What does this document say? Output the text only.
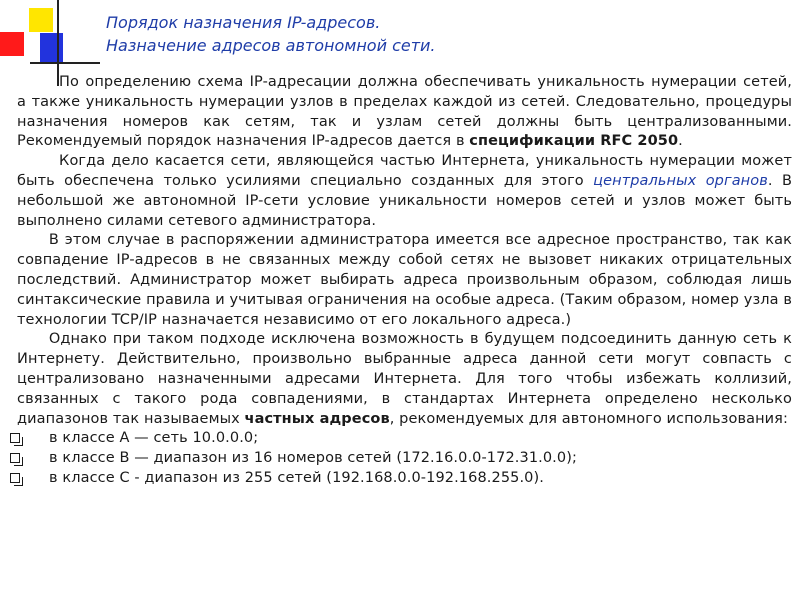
Порядок назначения IP-адресов.
Назначение адресов автономной сети.

По определению схема IP-адресации должна обеспечивать уникальность нумерации сетей, а также уникальность нумерации узлов в пределах каждой из сетей. Следовательно, процедуры назначения номеров как сетям, так и узлам сетей должны быть централизованными. Рекомендуемый порядок назначения IP-адресов дается в спецификации RFC 2050.

Когда дело касается сети, являющейся частью Интернета, уникальность нумерации может быть обеспечена только усилиями специально созданных для этого центральных органов. В небольшой же автономной IP-сети условие уникальности номеров сетей и узлов может быть выполнено силами сетевого администратора.

В этом случае в распоряжении администратора имеется все адресное пространство, так как совпадение IP-адресов в не связанных между собой сетях не вызовет никаких отрицательных последствий. Администратор может выбирать адреса произвольным образом, соблюдая лишь синтаксические правила и учитывая ограничения на особые адреса. (Таким образом, номер узла в технологии TCP/IP назначается независимо от его локального адреса.)

Однако при таком подходе исключена возможность в будущем подсоединить данную сеть к Интернету. Действительно, произвольно выбранные адреса данной сети могут совпасть с централизовано назначенными адресами Интернета. Для того чтобы избежать коллизий, связанных с такого рода совпадениями, в стандартах Интернета определено несколько диапазонов так называемых частных адресов, рекомендуемых для автономного использования:

в классе А — сеть 10.0.0.0;
в классе В — диапазон из 16 номеров сетей (172.16.0.0-172.31.0.0);
в классе С - диапазон из 255 сетей (192.168.0.0-192.168.255.0).
